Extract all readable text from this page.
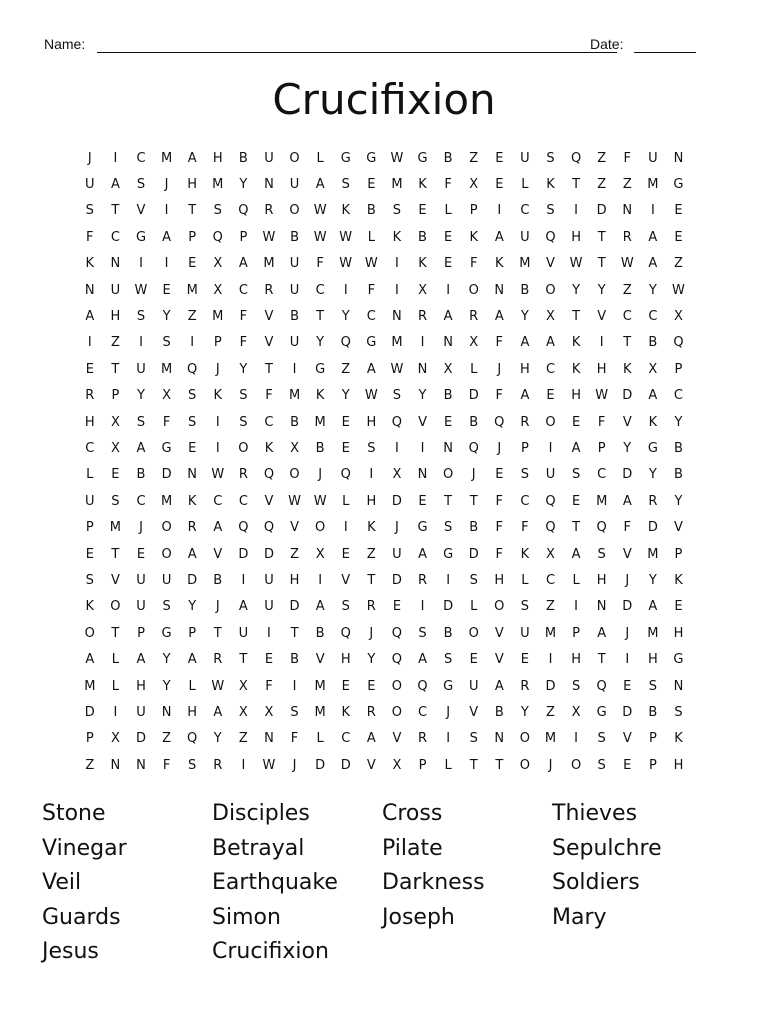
Name:	Date:
Crucifixion
J	I	C	M	A	H	B	U	O	L	G	G	W	G	B	Z	E	U	S	Q	Z	F	U	N
U	A	S	J	H	M	Y	N	U	A	S	E	M	K	F	X	E	L	K	T	Z	Z	M	G
S	T	V	I	T	S	Q	R	O	W	K	B	S	E	L	P	I	C	S	I	D	N	I	E
F	C	G	A	P	Q	P	W	B	W W	L	K	B	E	K	A	U	Q	H	T	R	A	E
K	N	I	I	E	X	A	M	U	F	W W	I	K	E	F	K	M	V	W	T	W	A	Z
N	U	W	E	M	X	C	R	U	C	I	F	I	X	I	O	N	B	O	Y	Y	Z	Y	W
A	H	S	Y	Z	M	F	V	B	T	Y	C	N	R	A	R	A	Y	X	T	V	C	C	X
I	Z	I	S	I	P	F	V	U	Y	Q	G	M	I	N	X	F	A	A	K	I	T	B	Q
E	T	U	M	Q	J	Y	T	I	G	Z	A	W	N	X	L	J	H	C	K	H	K	X	P
R	P	Y	X	S	K	S	F	M	K	Y	W	S	Y	B	D	F	A	E	H	W	D	A	C
H	X	S	F	S	I	S	C	B	M	E	H	Q	V	E	B	Q	R	O	E	F	V	K	Y
C	X	A	G	E	I	O	K	X	B	E	S	I	I	N	Q	J	P	I	A	P	Y	G	B
L	E	B	D	N	W	R	Q	O	J	Q	I	X	N	O	J	E	S	U	S	C	D	Y	B
U	S	C	M	K	C	C	V	W W	L	H	D	E	T	T	F	C	Q	E	M	A	R	Y
P	M	J	O	R	A	Q	Q	V	O	I	K	J	G	S	B	F	F	Q	T	Q	F	D	V
E	T	E	O	A	V	D	D	Z	X	E	Z	U	A	G	D	F	K	X	A	S	V	M	P
S	V	U	U	D	B	I	U	H	I	V	T	D	R	I	S	H	L	C	L	H	J	Y	K
K	O	U	S	Y	J	A	U	D	A	S	R	E	I	D	L	O	S	Z	I	N	D	A	E
O	T	P	G	P	T	U	I	T	B	Q	J	Q	S	B	O	V	U	M	P	A	J	M	H
A	L	A	Y	A	R	T	E	B	V	H	Y	Q	A	S	E	V	E	I	H	T	I	H	G
M	L	H	Y	L	W	X	F	I	M	E	E	O	Q	G	U	A	R	D	S	Q	E	S	N
D	I	U	N	H	A	X	X	S	M	K	R	O	C	J	V	B	Y	Z	X	G	D	B	S
P	X	D	Z	Q	Y	Z	N	F	L	C	A	V	R	I	S	N	O	M	I	S	V	P	K
Z	N	N	F	S	R	I	W	J	D	D	V	X	P	L	T	T	O	J	O	S	E	P	H
Stone	Disciples	Cross	Thieves
Vinegar	Betrayal	Pilate	Sepulchre
Veil	Earthquake	Darkness	Soldiers
Guards	Simon	Joseph	Mary
Jesus	Crucifixion
